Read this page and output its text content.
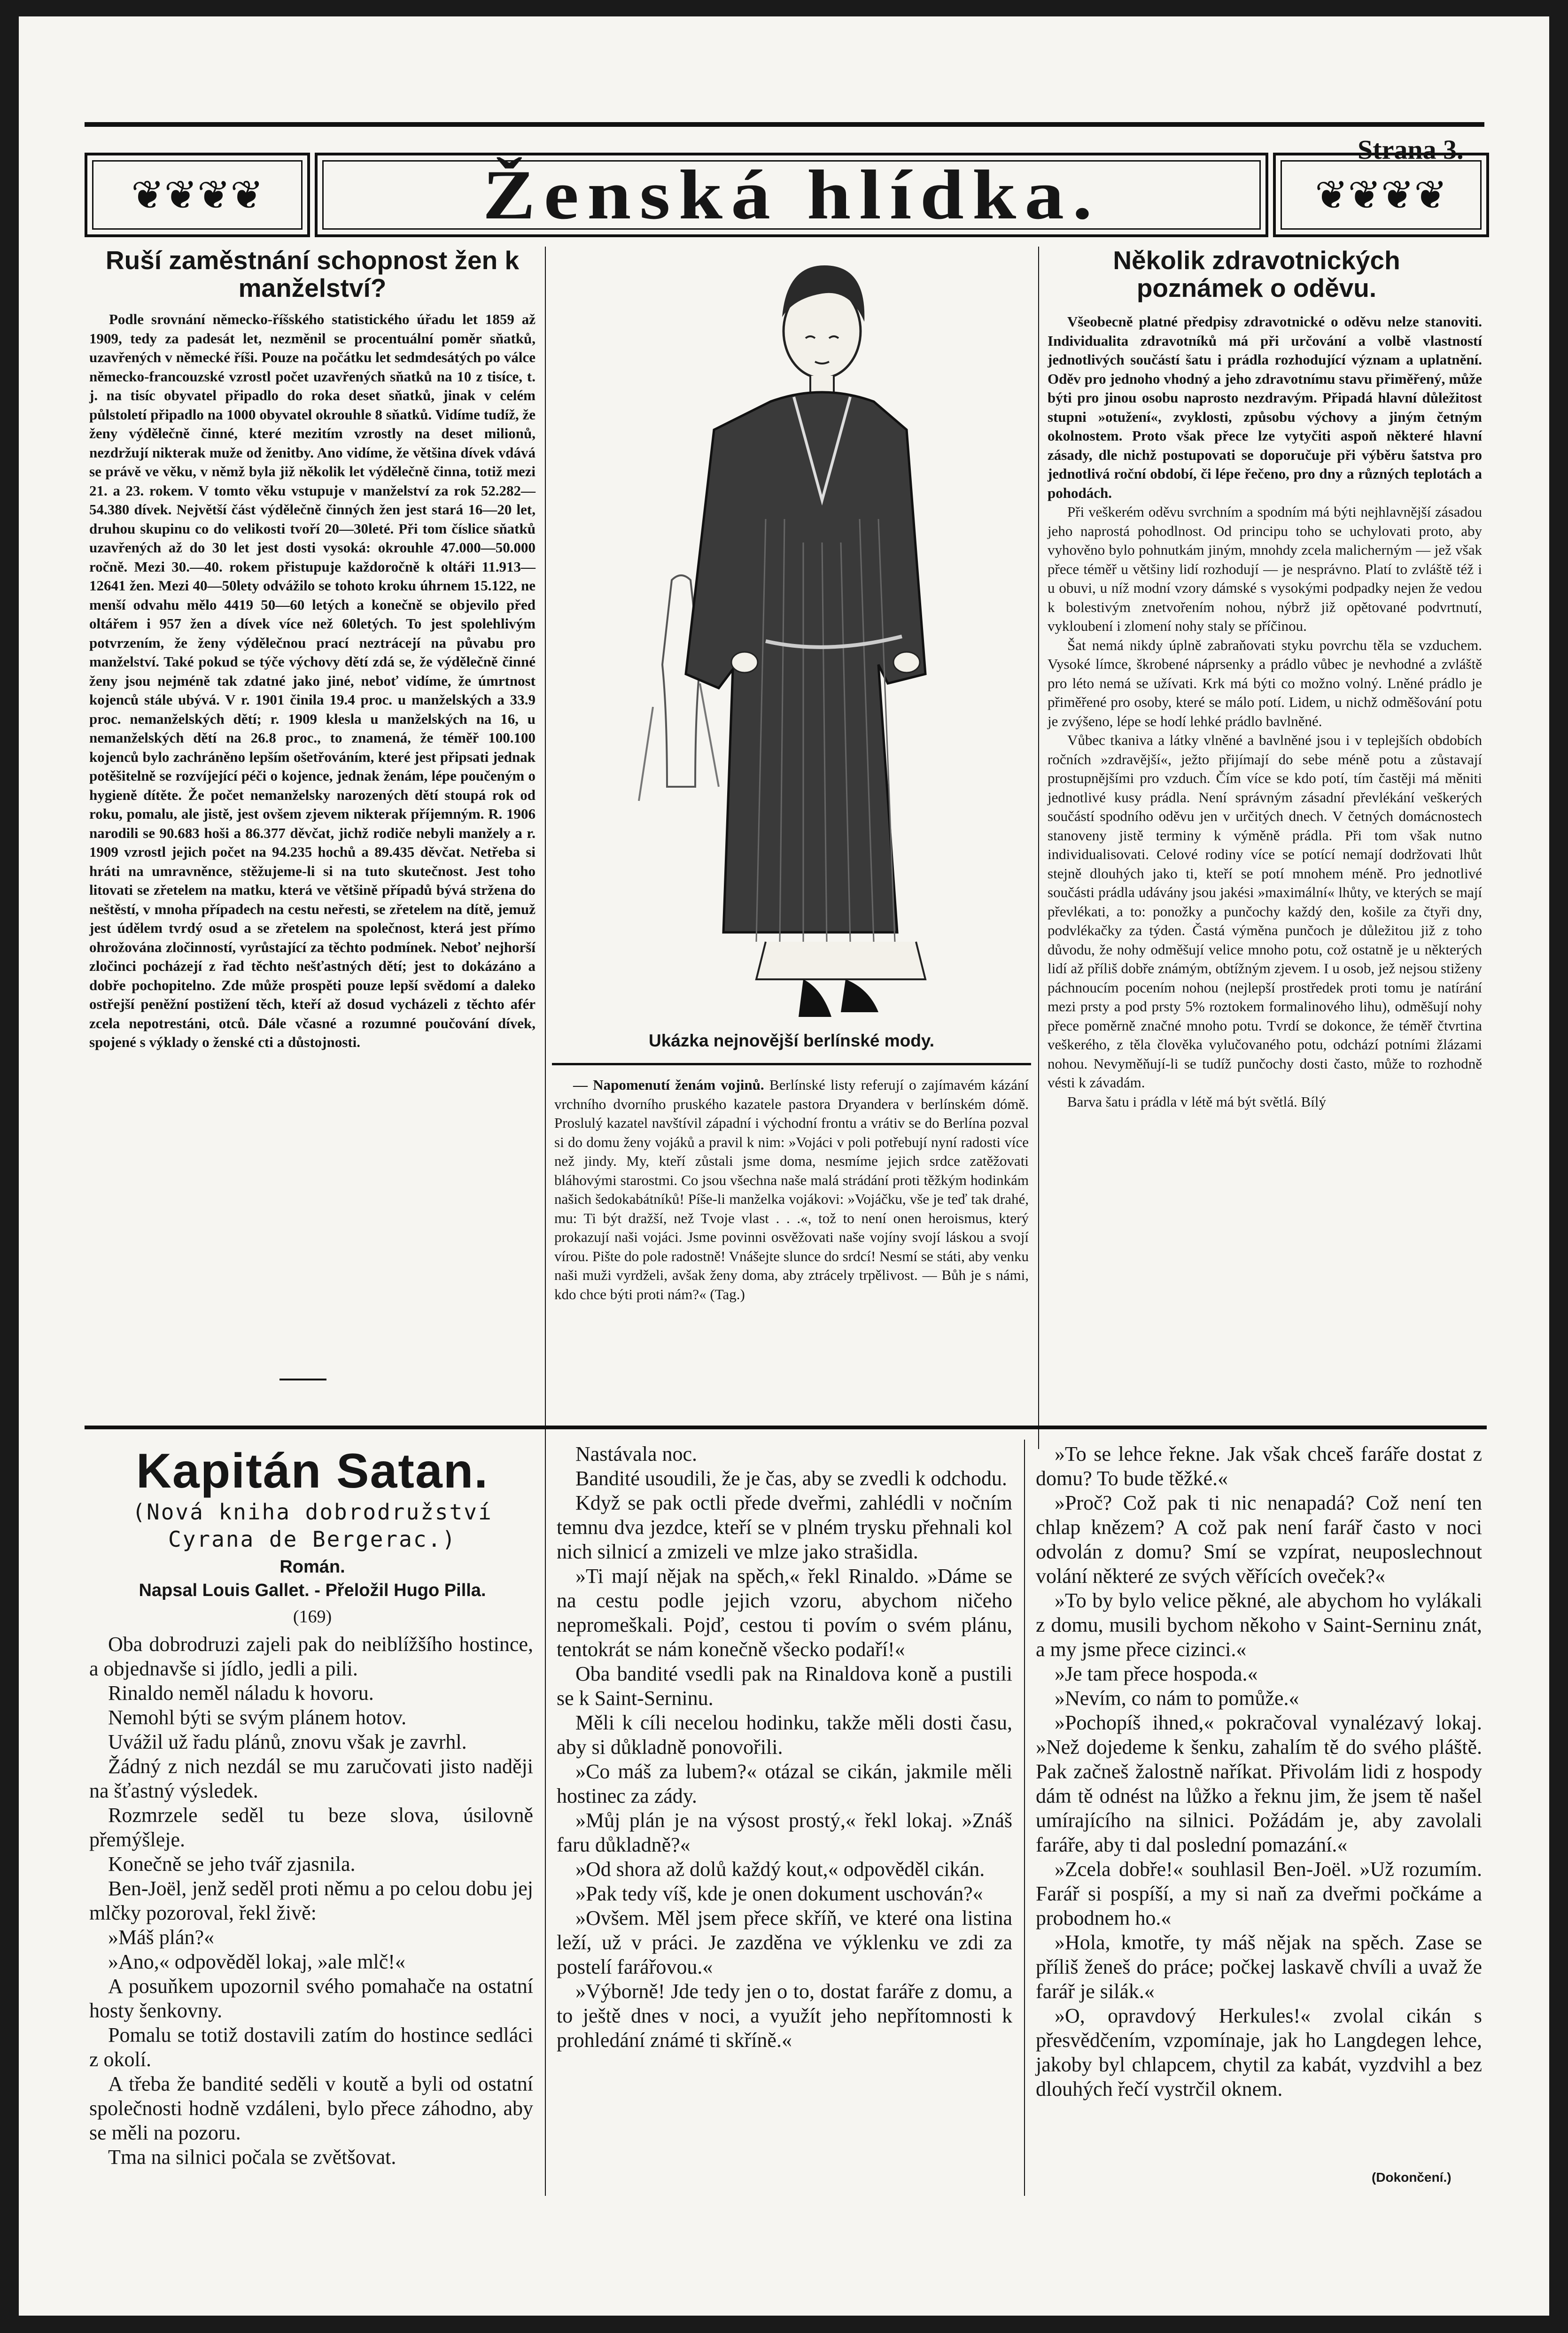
Strana 3.
❦❦❦❦	Ženská hlídka.	❦❦❦❦
Ruší zaměstnání schopnost žen k manželství?

Podle srovnání německo-říšského statistického úřadu let 1859 až 1909, tedy za padesát let, nezměnil se procentuální poměr sňatků, uzavřených v německé říši. Pouze na počátku let sedmdesátých po válce německo-francouzské vzrostl počet uzavřených sňatků na 10 z tisíce, t. j. na tisíc obyvatel připadlo do roka deset sňatků, jinak v celém půlstoletí připadlo na 1000 obyvatel okrouhle 8 sňatků. Vidíme tudíž, že ženy výdělečně činné, které mezitím vzrostly na deset milionů, nezdržují nikterak muže od ženitby. Ano vidíme, že většina dívek vdává se právě ve věku, v němž byla již několik let výdělečně činna, totiž mezi 21. a 23. rokem. V tomto věku vstupuje v manželství za rok 52.282—54.380 dívek. Největší část výdělečně činných žen jest stará 16—20 let, druhou skupinu co do velikosti tvoří 20—30leté. Při tom číslice sňatků uzavřených až do 30 let jest dosti vysoká: okrouhle 47.000—50.000 ročně. Mezi 30.—40. rokem přistupuje každoročně k oltáři 11.913—12641 žen. Mezi 40—50lety odvážilo se tohoto kroku úhrnem 15.122, ne menší odvahu mělo 4419 50—60 letých a konečně se objevilo před oltářem i 957 žen a dívek více než 60letých. To jest spolehlivým potvrzením, že ženy výdělečnou prací neztrácejí na půvabu pro manželství. Také pokud se týče výchovy dětí zdá se, že výdělečně činné ženy jsou nejméně tak zdatné jako jiné, neboť vidíme, že úmrtnost kojenců stále ubývá. V r. 1901 činila 19.4 proc. u manželských a 33.9 proc. nemanželských dětí; r. 1909 klesla u manželských na 16, u nemanželských dětí na 26.8 proc., to znamená, že téměř 100.100 kojenců bylo zachráněno lepším ošetřováním, které jest připsati jednak potěšitelně se rozvíjející péči o kojence, jednak ženám, lépe poučeným o hygieně dítěte. Že počet nemanželsky narozených dětí stoupá rok od roku, pomalu, ale jistě, jest ovšem zjevem nikterak příjemným. R. 1906 narodili se 90.683 hoši a 86.377 děvčat, jichž rodiče nebyli manžely a r. 1909 vzrostl jejich počet na 94.235 hochů a 89.435 děvčat. Netřeba si hráti na umravněnce, stěžujeme-li si na tuto skutečnost. Jest toho litovati se zřetelem na matku, která ve většině případů bývá stržena do neštěstí, v mnoha případech na cestu neřesti, se zřetelem na dítě, jemuž jest údělem tvrdý osud a se zřetelem na společnost, která jest přímo ohrožována zločinností, vyrůstající za těchto podmínek. Neboť nejhorší zločinci pocházejí z řad těchto nešťastných dětí; jest to dokázáno a dobře pochopitelno. Zde může prospěti pouze lepší svědomí a daleko ostřejší peněžní postižení těch, kteří až dosud vycházeli z těchto afér zcela nepotrestáni, otců. Dále včasné a rozumné poučování dívek, spojené s výklady o ženské cti a důstojnosti.	Ukázka nejnovější berlínské mody.
— Napomenutí ženám vojinů. Berlínské listy referují o zajímavém kázání vrchního dvorního pruského kazatele pastora Dryandera v berlínském dómě. Proslulý kazatel navštívil západní i východní frontu a vrátiv se do Berlína pozval si do domu ženy vojáků a pravil k nim: »Vojáci v poli potřebují nyní radosti více než jindy. My, kteří zůstali jsme doma, nesmíme jejich srdce zatěžovati bláhovými starostmi. Co jsou všechna naše malá strádání proti těžkým hodinkám našich šedokabátníků! Píše-li manželka vojákovi: »Vojáčku, vše je teď tak drahé, mu: Ti být dražší, než Tvoje vlast . . .«, tož to není onen heroismus, který prokazují naši vojáci. Jsme povinni osvěžovati naše vojíny svojí láskou a svojí vírou. Pište do pole radostně! Vnášejte slunce do srdcí! Nesmí se státi, aby venku naši muži vyrdželi, avšak ženy doma, aby ztrácely trpělivost. — Bůh je s námi, kdo chce býti proti nám?« (Tag.)
Několik zdravotnických poznámek o oděvu.

Všeobecně platné předpisy zdravotnické o oděvu nelze stanoviti. Individualita zdravotníků má při určování a volbě vlastností jednotlivých součástí šatu i prádla rozhodující význam a uplatnění. Oděv pro jednoho vhodný a jeho zdravotnímu stavu přiměřený, může býti pro jinou osobu naprosto nezdravým. Připadá hlavní důležitost stupni »otužení«, zvyklosti, způsobu výchovy a jiným četným okolnostem. Proto však přece lze vytyčiti aspoň některé hlavní zásady, dle nichž postupovati se doporučuje při výběru šatstva pro jednotlivá roční období, či lépe řečeno, pro dny a různých teplotách a pohodách.

Při veškerém oděvu svrchním a spodním má býti nejhlavnější zásadou jeho naprostá pohodlnost. Od principu toho se uchylovati proto, aby vyhověno bylo pohnutkám jiným, mnohdy zcela malicherným — jež však přece téměř u většiny lidí rozhodují — je nesprávno. Platí to zvláště též i u obuvi, u níž modní vzory dámské s vysokými podpadky nejen že vedou k bolestivým znetvořením nohou, nýbrž již opětované podvrtnutí, vykloubení i zlomení nohy staly se příčinou.

Šat nemá nikdy úplně zabraňovati styku povrchu těla se vzduchem. Vysoké límce, škrobené náprsenky a prádlo vůbec je nevhodné a zvláště pro léto nemá se užívati. Krk má býti co možno volný. Lněné prádlo je přiměřené pro osoby, které se málo potí. Lidem, u nichž odměšování potu je zvýšeno, lépe se hodí lehké prádlo bavlněné.

Vůbec tkaniva a látky vlněné a bavlněné jsou i v teplejších obdobích ročních »zdravější«, ježto přijímají do sebe méně potu a zůstavají prostupnějšími pro vzduch. Čím více se kdo potí, tím častěji má měniti jednotlivé kusy prádla. Není správným zásadní převlékání veškerých součástí spodního oděvu jen v určitých dnech. V četných domácnostech stanoveny jistě terminy k výměně prádla. Při tom však nutno individualisovati. Celové rodiny více se potící nemají dodržovati lhůt stejně dlouhých jako ti, kteří se potí mnohem méně. Pro jednotlivé součásti prádla udávány jsou jakési »maximální« lhůty, ve kterých se mají převlékati, a to: ponožky a punčochy každý den, košile za čtyři dny, podvlékačky za týden. Častá výměna punčoch je důležitou již z toho důvodu, že nohy odměšují velice mnoho potu, což ostatně je u některých lidí až příliš dobře známým, obtížným zjevem. I u osob, jež nejsou stiženy páchnoucím pocením nohou (nejlepší prostředek proti tomu je natírání mezi prsty a pod prsty 5% roztokem formalinového lihu), odměšují nohy přece poměrně značné mnoho potu. Tvrdí se dokonce, že téměř čtvrtina veškerého, z těla člověka vylučovaného potu, odchází potními žlázami nohou. Nevyměňují-li se tudíž punčochy dosti často, může to rozhodně vésti k závadám.

Barva šatu i prádla v létě má být světlá. Bílý

Kapitán Satan.
(Nová kniha dobrodružství Cyrana de Bergerac.)
Román.
Napsal Louis Gallet. - Přeložil Hugo Pilla.
(169)

Oba dobrodruzi zajeli pak do neiblížšího hostince, a objednavše si jídlo, jedli a pili.

Rinaldo neměl náladu k hovoru.

Nemohl býti se svým plánem hotov.

Uvážil už řadu plánů, znovu však je zavrhl.

Žádný z nich nezdál se mu zaručovati jisto naději na šťastný výsledek.

Rozmrzele seděl tu beze slova, úsilovně přemýšleje.

Konečně se jeho tvář zjasnila.

Ben-Joël, jenž seděl proti němu a po celou dobu jej mlčky pozoroval, řekl živě:

»Máš plán?«

»Ano,« odpověděl lokaj, »ale mlč!«

A posuňkem upozornil svého pomahače na ostatní hosty šenkovny.

Pomalu se totiž dostavili zatím do hostince sedláci z okolí.

A třeba že bandité seděli v koutě a byli od ostatní společnosti hodně vzdáleni, bylo přece záhodno, aby se měli na pozoru.

Tma na silnici počala se zvětšovat.

Nastávala noc.

Bandité usoudili, že je čas, aby se zvedli k odchodu.

Když se pak octli přede dveřmi, zahlédli v nočním temnu dva jezdce, kteří se v plném trysku přehnali kol nich silnicí a zmizeli ve mlze jako strašidla.

»Ti mají nějak na spěch,« řekl Rinaldo. »Dáme se na cestu podle jejich vzoru, abychom ničeho nepromeškali. Pojď, cestou ti povím o svém plánu, tentokrát se nám konečně všecko podaří!«

Oba bandité vsedli pak na Rinaldova koně a pustili se k Saint-Serninu.

Měli k cíli necelou hodinku, takže měli dosti času, aby si důkladně ponovořili.

»Co máš za lubem?« otázal se cikán, jakmile měli hostinec za zády.

»Můj plán je na výsost prostý,« řekl lokaj. »Znáš faru důkladně?«

»Od shora až dolů každý kout,« odpověděl cikán.

»Pak tedy víš, kde je onen dokument uschován?«

»Ovšem. Měl jsem přece skříň, ve které ona listina leží, už v práci. Je zazděna ve výklenku ve zdi za postelí farářovou.«

»Výborně! Jde tedy jen o to, dostat faráře z domu, a to ještě dnes v noci, a využít jeho nepřítomnosti k prohledání známé ti skříně.«

»To se lehce řekne. Jak však chceš faráře dostat z domu? To bude těžké.«

»Proč? Což pak ti nic nenapadá? Což není ten chlap knězem? A což pak není farář často v noci odvolán z domu? Smí se vzpírat, neuposlechnout volání některé ze svých věřících oveček?«

»To by bylo velice pěkné, ale abychom ho vylákali z domu, musili bychom někoho v Saint-Serninu znát, a my jsme přece cizinci.«

»Je tam přece hospoda.«

»Nevím, co nám to pomůže.«

»Pochopíš ihned,« pokračoval vynalézavý lokaj. »Než dojedeme k šenku, zahalím tě do svého pláště. Pak začneš žalostně naříkat. Přivolám lidi z hospody dám tě odnést na lůžko a řeknu jim, že jsem tě našel umírajícího na silnici. Požádám je, aby zavolali faráře, aby ti dal poslední pomazání.«

»Zcela dobře!« souhlasil Ben-Joël. »Už rozumím. Farář si pospíší, a my si naň za dveřmi počkáme a probodnem ho.«

»Hola, kmotře, ty máš nějak na spěch. Zase se příliš ženeš do práce; počkej laskavě chvíli a uvaž že farář je silák.«

»O, opravdový Herkules!« zvolal cikán s přesvědčením, vzpomínaje, jak ho Langdegen lehce, jakoby byl chlapcem, chytil za kabát, vyzdvihl a bez dlouhých řečí vystrčil oknem.

(Dokončení.)
